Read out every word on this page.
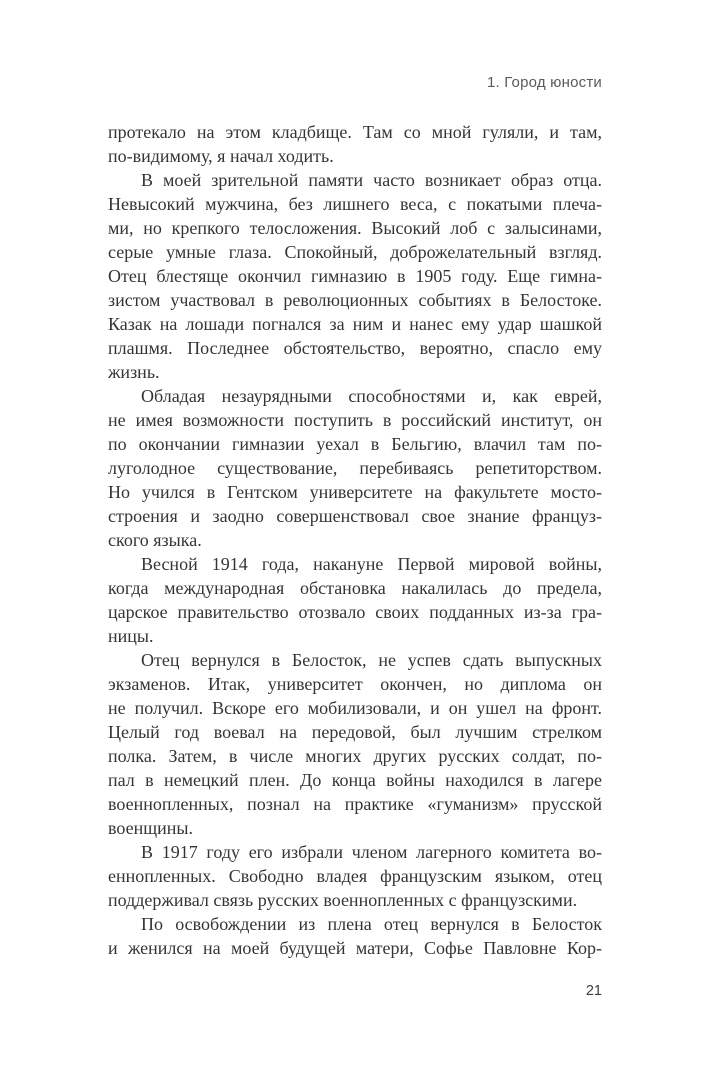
1. Город юности
протекало на этом кладбище. Там со мной гуляли, и там,
по-видимому, я начал ходить.
В моей зрительной памяти часто возникает образ отца.
Невысокий мужчина, без лишнего веса, с покатыми плеча-
ми, но крепкого телосложения. Высокий лоб с залысинами,
серые умные глаза. Спокойный, доброжелательный взгляд.
Отец блестяще окончил гимназию в 1905 году. Еще гимна-
зистом участвовал в революционных событиях в Белостоке.
Казак на лошади погнался за ним и нанес ему удар шашкой
плашмя. Последнее обстоятельство, вероятно, спасло ему
жизнь.
Обладая незаурядными способностями и, как еврей,
не имея возможности поступить в российский институт, он
по окончании гимназии уехал в Бельгию, влачил там по-
луголодное существование, перебиваясь репетиторством.
Но учился в Гентском университете на факультете мосто-
строения и заодно совершенствовал свое знание француз-
ского языка.
Весной 1914 года, накануне Первой мировой войны,
когда международная обстановка накалилась до предела,
царское правительство отозвало своих подданных из-за гра-
ницы.
Отец вернулся в Белосток, не успев сдать выпускных
экзаменов. Итак, университет окончен, но диплома он
не получил. Вскоре его мобилизовали, и он ушел на фронт.
Целый год воевал на передовой, был лучшим стрелком
полка. Затем, в числе многих других русских солдат, по-
пал в немецкий плен. До конца войны находился в лагере
военнопленных, познал на практике «гуманизм» прусской
военщины.
В 1917 году его избрали членом лагерного комитета во-
еннопленных. Свободно владея французским языком, отец
поддерживал связь русских военнопленных с французскими.
По освобождении из плена отец вернулся в Белосток
и женился на моей будущей матери, Софье Павловне Кор-
21
